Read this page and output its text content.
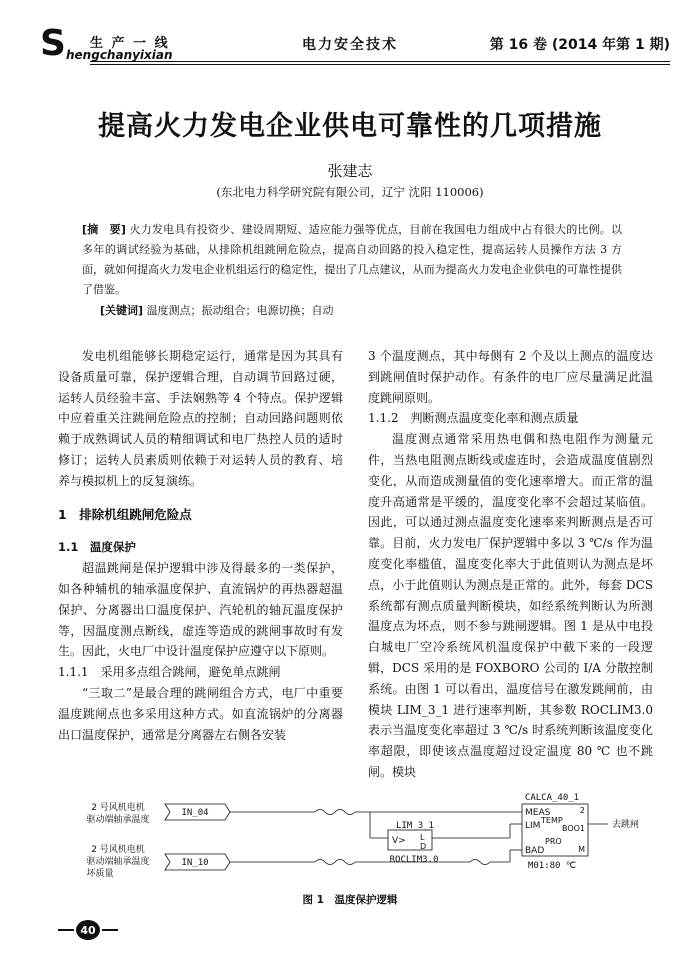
S 生 产 一 线
hengchanyixian
电力安全技术	第 16 卷 (2014 年第 1 期)
提高火力发电企业供电可靠性的几项措施
张建志
(东北电力科学研究院有限公司，辽宁 沈阳 110006)
[摘　要] 火力发电具有投资少、建设周期短、适应能力强等优点，目前在我国电力组成中占有很大的比例。以多年的调试经验为基础，从排除机组跳闸危险点，提高自动回路的投入稳定性，提高运转人员操作方法 3 方面，就如何提高火力发电企业机组运行的稳定性，提出了几点建议，从而为提高火力发电企业供电的可靠性提供了借鉴。
[关键词] 温度测点；振动组合；电源切换；自动

发电机组能够长期稳定运行，通常是因为其具有设备质量可靠，保护逻辑合理，自动调节回路过硬，运转人员经验丰富、手法娴熟等 4 个特点。保护逻辑中应着重关注跳闸危险点的控制；自动回路问题则依赖于成熟调试人员的精细调试和电厂热控人员的适时修订；运转人员素质则依赖于对运转人员的教育、培养与模拟机上的反复演练。

1　排除机组跳闸危险点

1.1　温度保护

超温跳闸是保护逻辑中涉及得最多的一类保护，如各种辅机的轴承温度保护、直流锅炉的再热器超温保护、分离器出口温度保护、汽轮机的轴瓦温度保护等，因温度测点断线，虚连等造成的跳闸事故时有发生。因此，火电厂中设计温度保护应遵守以下原则。

1.1.1　采用多点组合跳闸，避免单点跳闸

“三取二”是最合理的跳闸组合方式，电厂中重要温度跳闸点也多采用这种方式。如直流锅炉的分离器出口温度保护，通常是分离器左右侧各安装

3 个温度测点，其中每侧有 2 个及以上测点的温度达到跳闸值时保护动作。有条件的电厂应尽量满足此温度跳闸原则。

1.1.2　判断测点温度变化率和测点质量

温度测点通常采用热电偶和热电阻作为测量元件，当热电阻测点断线或虚连时，会造成温度值剧烈变化，从而造成测量值的变化速率增大。而正常的温度升高通常是平缓的，温度变化率不会超过某临值。因此，可以通过测点温度变化速率来判断测点是否可靠。目前，火力发电厂保护逻辑中多以 3 ℃/s 作为温度变化率槛值，温度变化率大于此值则认为测点是坏点，小于此值则认为测点是正常的。此外，每套 DCS 系统都有测点质量判断模块，如经系统判断认为所测温度点为坏点，则不参与跳闸逻辑。图 1 是从中电投白城电厂空冷系统风机温度保护中截下来的一段逻辑，DCS 采用的是 FOXBORO 公司的 I/A 分散控制系统。由图 1 可以看出，温度信号在激发跳闸前，由模块 LIM_3_1 进行速率判断，其参数 ROCLIM3.0 表示当温度变化率超过 3 ℃/s 时系统判断该温度变化率超限，即使该点温度超过设定温度 80 ℃ 也不跳闸。模块

2 号风机电机
驱动端轴承温度
IN_04
LIM_3_1
V> L
D
ROCLIM3.0
2 号风机电机
驱动端轴承温度
坏质量
IN_10
CALCA_40_1
MEAS
LIM
TEMP
BAD
PRO
BOO1
2
M
M01:80 ℃
去跳闸
图 1　温度保护逻辑
40
